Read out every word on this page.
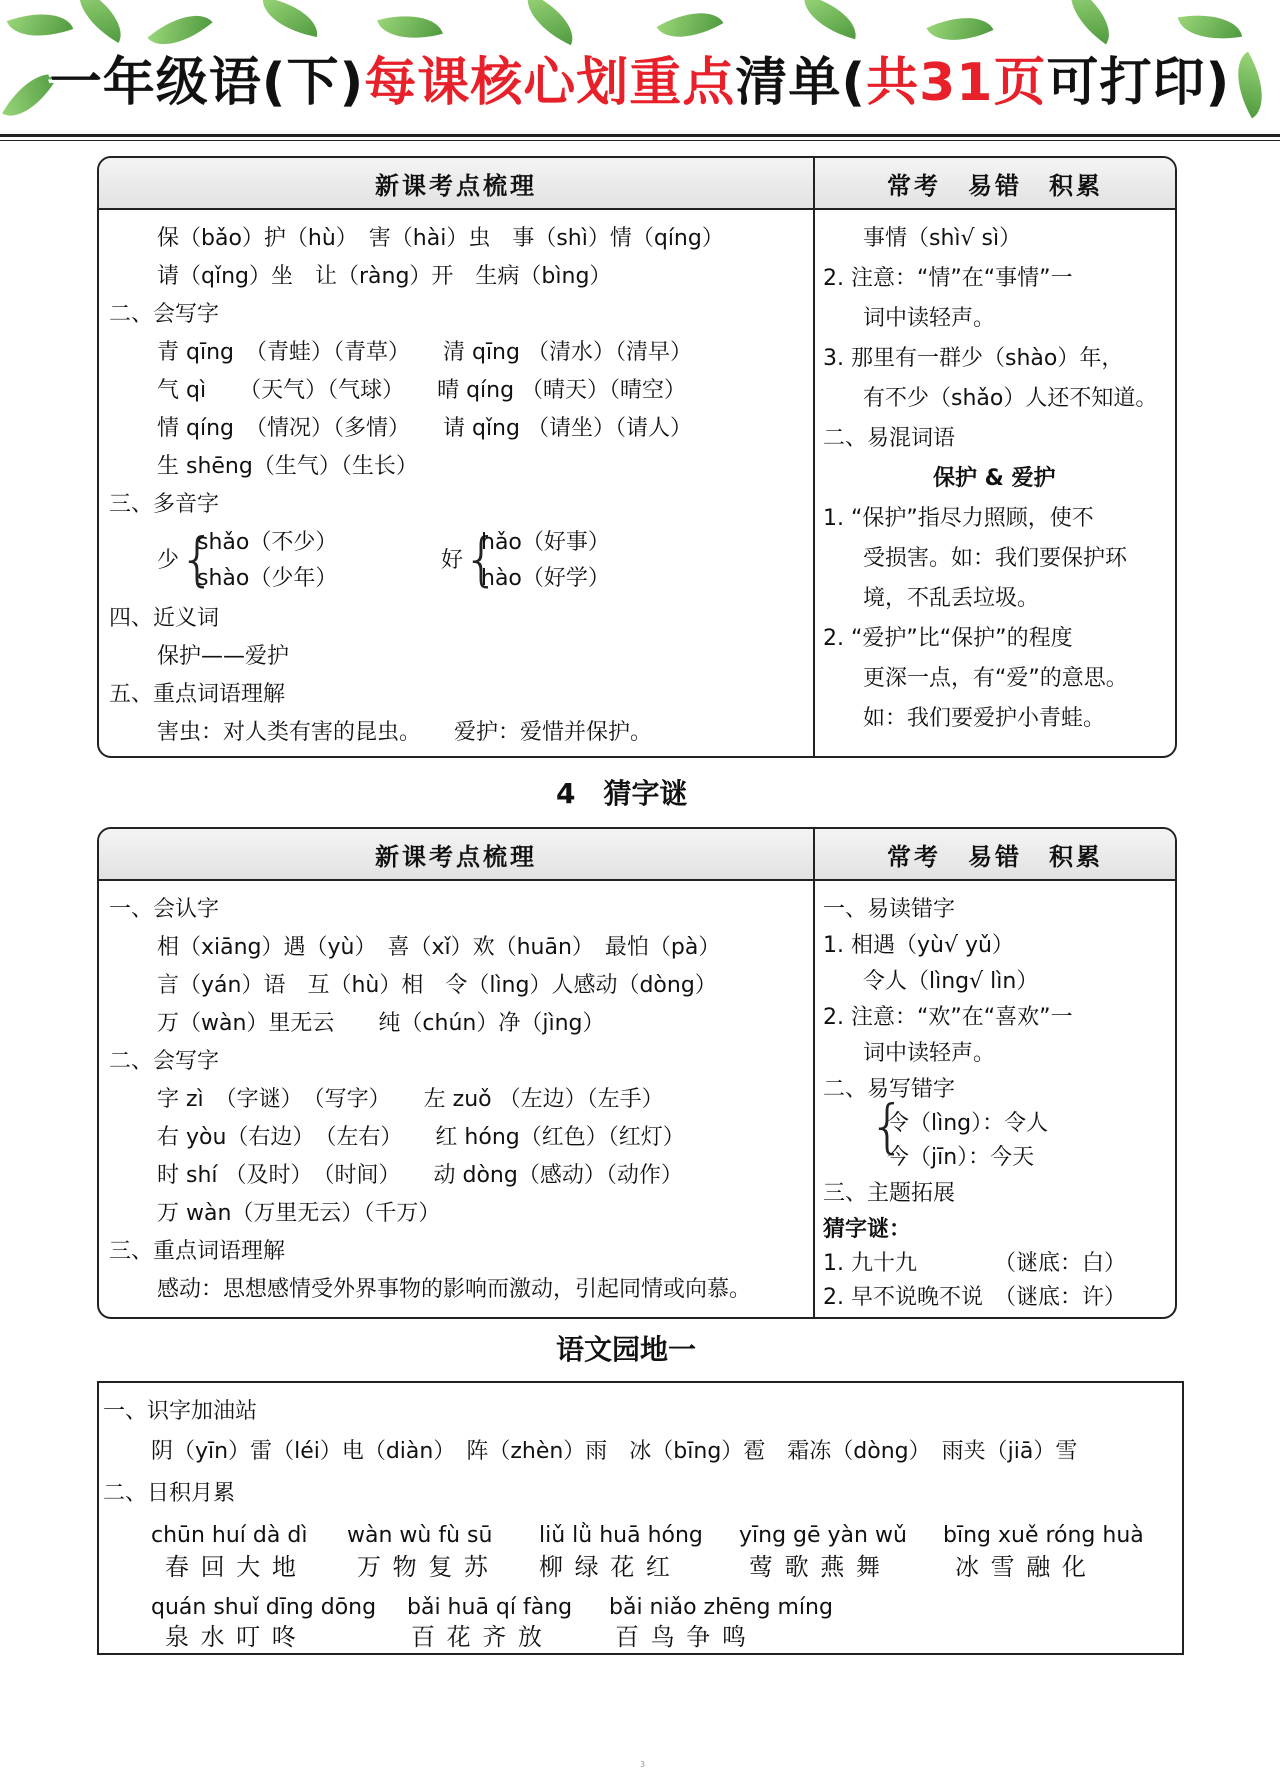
一年级语(下)每课核心划重点清单(共31页可打印)
新课考点梳理	常考　易错　积累
保（bǎo）护（hù）　害（hài）虫　事（shì）情（qíng）
请（qǐng）坐　让（ràng）开　生病（bìng）
二、会写字
青 qīng　（青蛙）（青草）　　清 qīng （清水）（清早）
气 qì　　（天气）（气球）　　晴 qíng （晴天）（晴空）
情 qíng　（情况）（多情）　　请 qǐng （请坐）（请人）
生 shēng（生气）（生长）
三、多音字
少 {
shǎo（不少）
shào（少年）
好 {
hǎo（好事）
hào（好学）
四、近义词
保护——爱护
五、重点词语理解
害虫：对人类有害的昆虫。　　爱护：爱惜并保护。
事情（shì√ sì）
2. 注意：“情”在“事情”一
词中读轻声。
3. 那里有一群少（shào）年，
有不少（shǎo）人还不知道。
二、易混词语
保护 & 爱护
1. “保护”指尽力照顾，使不
受损害。如：我们要保护环
境，不乱丢垃圾。
2. “爱护”比“保护”的程度
更深一点，有“爱”的意思。
如：我们要爱护小青蛙。
4　猜字谜
新课考点梳理	常考　易错　积累
一、会认字
相（xiāng）遇（yù）　喜（xǐ）欢（huān）　最怕（pà）
言（yán）语　互（hù）相　令（lìng）人感动（dòng）
万（wàn）里无云　　纯（chún）净（jìng）
二、会写字
字 zì　（字谜）　（写字）　　左 zuǒ （左边）（左手）
右 yòu（右边）　（左右）　　红 hóng（红色）（红灯）
时 shí （及时）　（时间）　　动 dòng（感动）（动作）
万 wàn（万里无云）（千万）
三、重点词语理解
感动：思想感情受外界事物的影响而激动，引起同情或向慕。
一、易读错字
1. 相遇（yù√ yǔ）
令人（lìng√ lìn）
2. 注意：“欢”在“喜欢”一
词中读轻声。
二、易写错字
{
令（lìng）：令人
今（jīn）：今天
三、主题拓展
猜字谜：
1. 九十九　　　　（谜底：白）
2. 早不说晚不说　（谜底：许）
语文园地一
一、识字加油站
阴（yīn）雷（léi）电（diàn）　阵（zhèn）雨　冰（bīng）雹　霜冻（dòng）　雨夹（jiā）雪
二、日积月累
chūn huí dà dì
春 回 大 地
wàn wù fù sū
万 物 复 苏
liǔ lǜ huā hóng
柳 绿 花 红
yīng gē yàn wǔ
莺 歌 燕 舞
bīng xuě róng huà
冰 雪 融 化
quán shuǐ dīng dōng
泉 水 叮 咚
bǎi huā qí fàng
百 花 齐 放
bǎi niǎo zhēng míng
百 鸟 争 鸣
3
